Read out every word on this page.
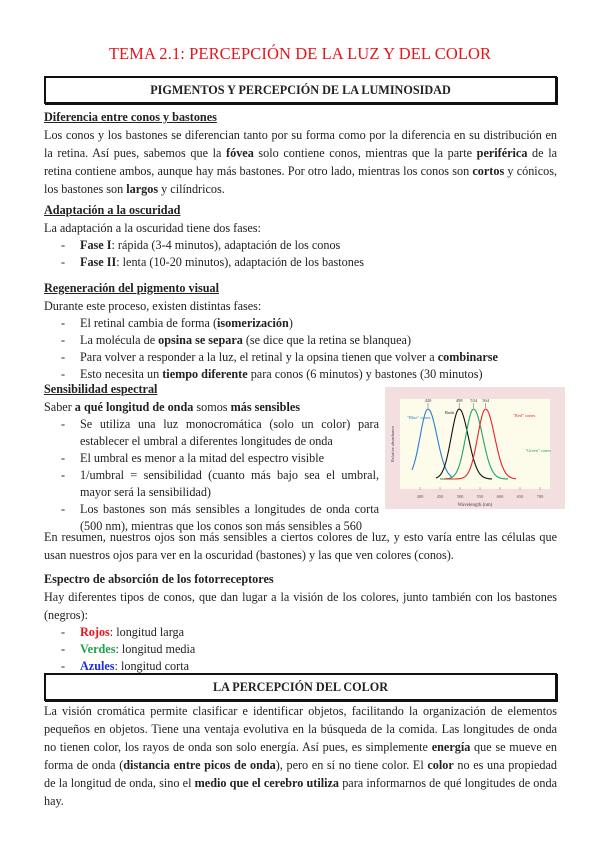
TEMA 2.1: PERCEPCIÓN DE LA LUZ Y DEL COLOR
PIGMENTOS Y PERCEPCIÓN DE LA LUMINOSIDAD
Diferencia entre conos y bastones

Los conos y los bastones se diferencian tanto por su forma como por la diferencia en su distribución en la retina. Así pues, sabemos que la fóvea solo contiene conos, mientras que la parte periférica de la retina contiene ambos, aunque hay más bastones. Por otro lado, mientras los conos son cortos y cónicos, los bastones son largos y cilíndricos.

Adaptación a la oscuridad

La adaptación a la oscuridad tiene dos fases:

- Fase I: rápida (3-4 minutos), adaptación de los conos
- Fase II: lenta (10-20 minutos), adaptación de los bastones
Regeneración del pigmento visual

Durante este proceso, existen distintas fases:

- El retinal cambia de forma (isomerización)
- La molécula de opsina se separa (se dice que la retina se blanquea)
- Para volver a responder a la luz, el retinal y la opsina tienen que volver a combinarse
- Esto necesita un tiempo diferente para conos (6 minutos) y bastones (30 minutos)
Sensibilidad espectral

Saber a qué longitud de onda somos más sensibles

- Se utiliza una luz monocromática (solo un color) para establecer el umbral a diferentes longitudes de onda
- El umbral es menor a la mitad del espectro visible
- 1/umbral = sensibilidad (cuanto más bajo sea el umbral, mayor será la sensibilidad)
- Los bastones son más sensibles a longitudes de onda corta (500 nm), mientras que los conos son más sensibles a 560
400	450	500	550	600	650	700
Wavelength (nm)
Relative absorbance
420	498 534 564
"Blue" cones
Rods
"Green" cones
"Red" cones

En resumen, nuestros ojos son más sensibles a ciertos colores de luz, y esto varía entre las células que usan nuestros ojos para ver en la oscuridad (bastones) y las que ven colores (conos).

Espectro de absorción de los fotorreceptores

Hay diferentes tipos de conos, que dan lugar a la visión de los colores, junto también con los bastones (negros):

- Rojos: longitud larga
- Verdes: longitud media
- Azules: longitud corta
LA PERCEPCIÓN DEL COLOR

La visión cromática permite clasificar e identificar objetos, facilitando la organización de elementos pequeños en objetos. Tiene una ventaja evolutiva en la búsqueda de la comida. Las longitudes de onda no tienen color, los rayos de onda son solo energía. Así pues, es simplemente energía que se mueve en forma de onda (distancia entre picos de onda), pero en sí no tiene color. El color no es una propiedad de la longitud de onda, sino el medio que el cerebro utiliza para informarnos de qué longitudes de onda hay.
